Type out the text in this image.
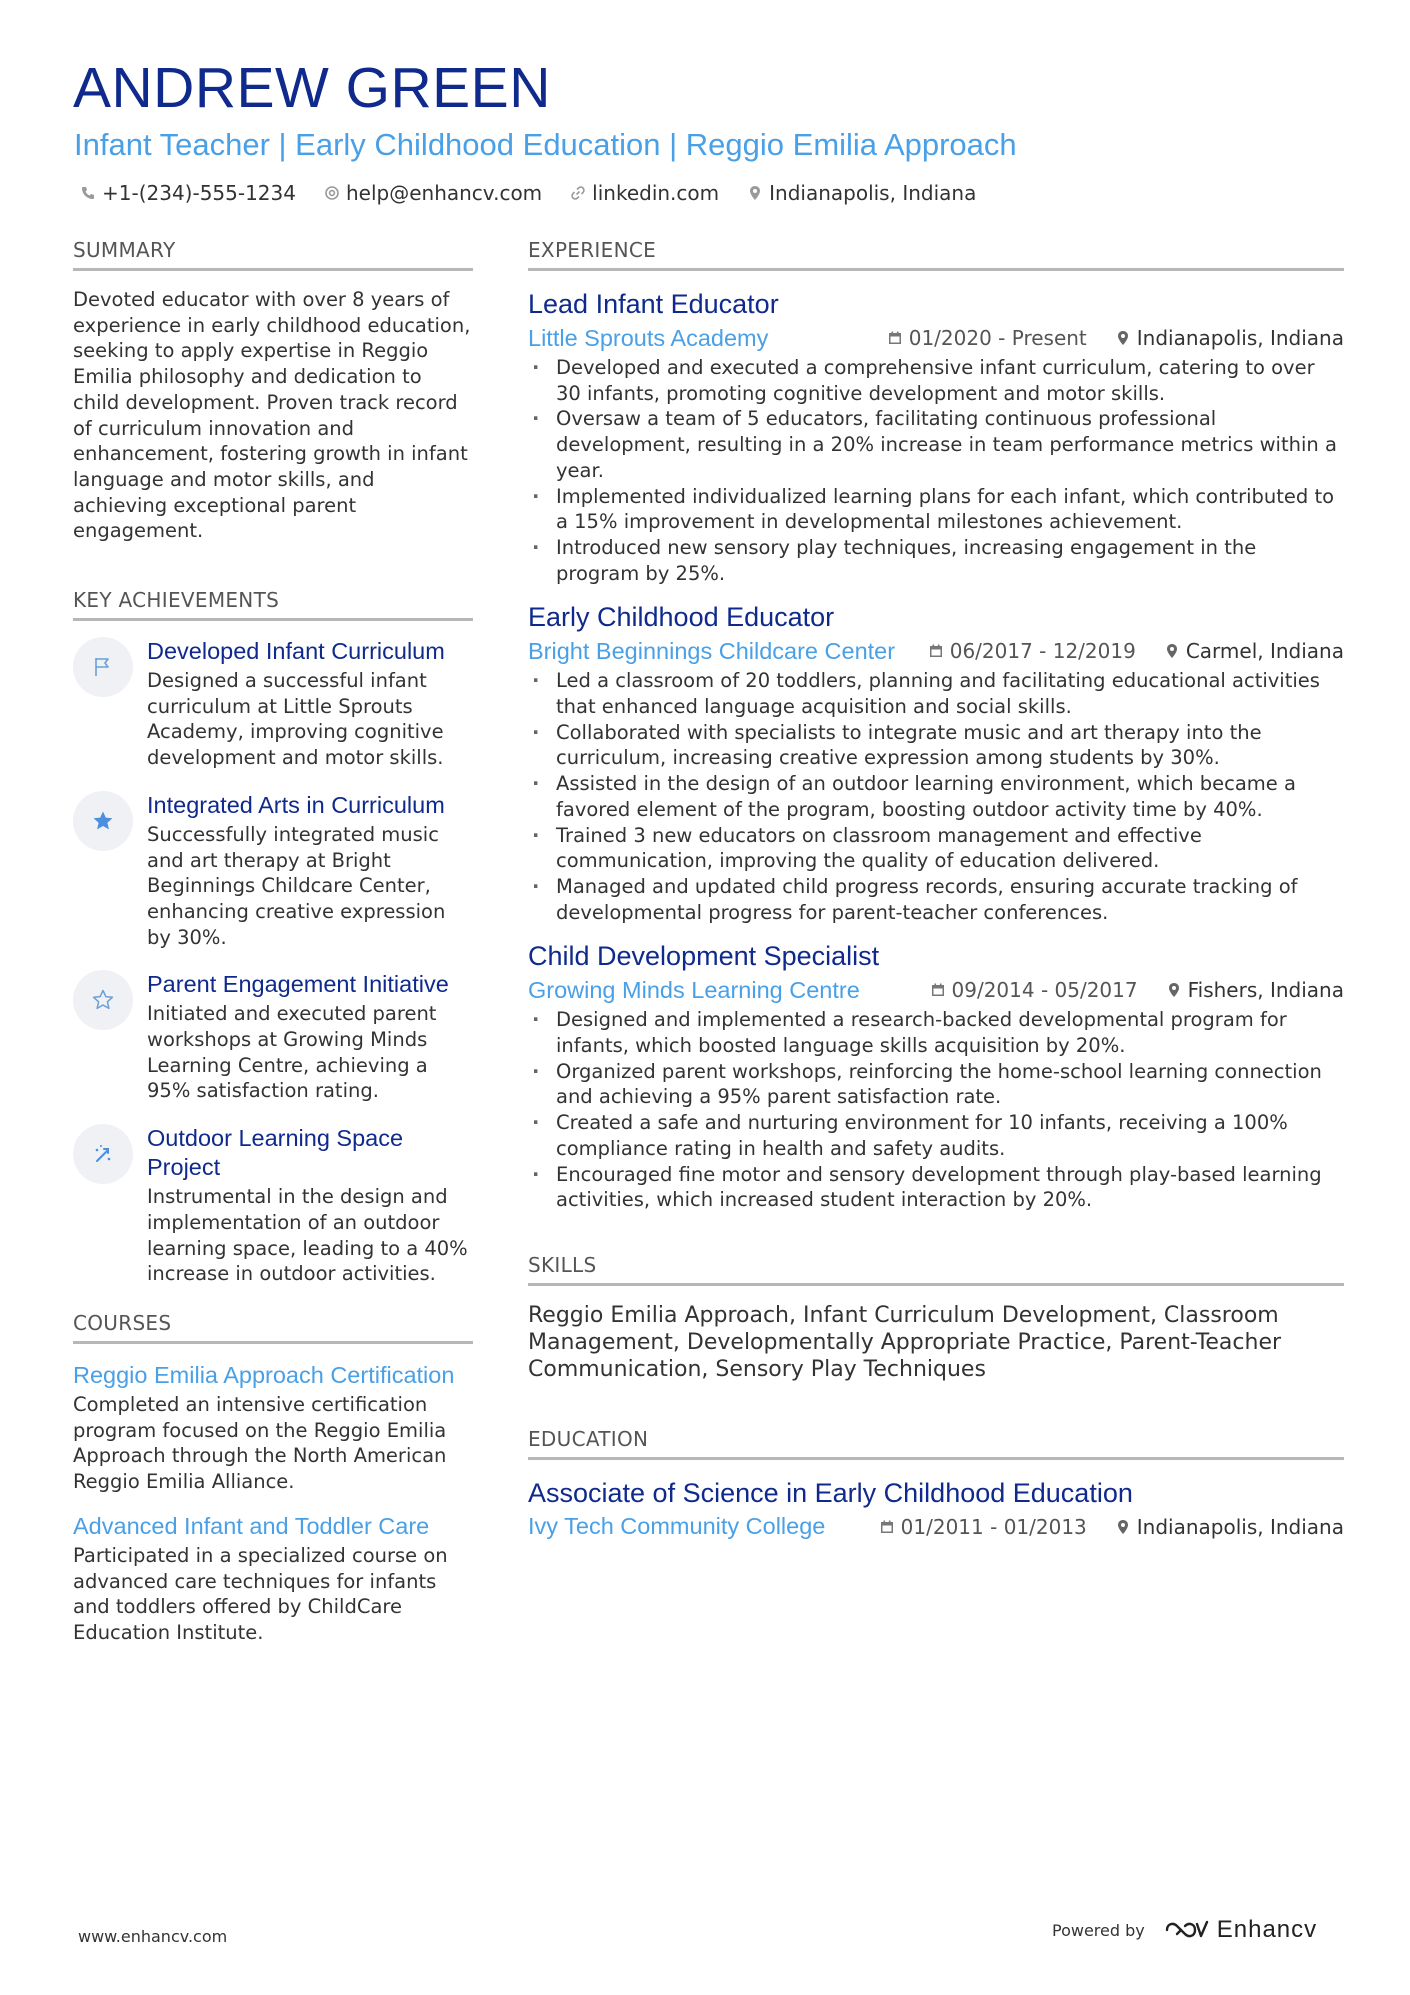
ANDREW GREEN
Infant Teacher | Early Childhood Education | Reggio Emilia Approach
+1-(234)-555-1234	help@enhancv.com	linkedin.com	Indianapolis, Indiana
SUMMARY
Devoted educator with over 8 years of experience in early childhood education, seeking to apply expertise in Reggio Emilia philosophy and dedication to child development. Proven track record of curriculum innovation and enhancement, fostering growth in infant language and motor skills, and achieving exceptional parent engagement.
KEY ACHIEVEMENTS
Developed Infant Curriculum
Designed a successful infant curriculum at Little Sprouts Academy, improving cognitive development and motor skills.
Integrated Arts in Curriculum
Successfully integrated music and art therapy at Bright Beginnings Childcare Center, enhancing creative expression by 30%.
Parent Engagement Initiative
Initiated and executed parent workshops at Growing Minds Learning Centre, achieving a 95% satisfaction rating.
Outdoor Learning Space Project
Instrumental in the design and implementation of an outdoor learning space, leading to a 40% increase in outdoor activities.
COURSES
Reggio Emilia Approach Certification
Completed an intensive certification program focused on the Reggio Emilia Approach through the North American Reggio Emilia Alliance.
Advanced Infant and Toddler Care
Participated in a specialized course on advanced care techniques for infants and toddlers offered by ChildCare Education Institute.
EXPERIENCE
Lead Infant Educator
Little Sprouts Academy	01/2020 - Present	Indianapolis, Indiana
· Developed and executed a comprehensive infant curriculum, catering to over 30 infants, promoting cognitive development and motor skills.
· Oversaw a team of 5 educators, facilitating continuous professional development, resulting in a 20% increase in team performance metrics within a year.
· Implemented individualized learning plans for each infant, which contributed to a 15% improvement in developmental milestones achievement.
· Introduced new sensory play techniques, increasing engagement in the program by 25%.
Early Childhood Educator
Bright Beginnings Childcare Center	06/2017 - 12/2019	Carmel, Indiana
· Led a classroom of 20 toddlers, planning and facilitating educational activities that enhanced language acquisition and social skills.
· Collaborated with specialists to integrate music and art therapy into the curriculum, increasing creative expression among students by 30%.
· Assisted in the design of an outdoor learning environment, which became a favored element of the program, boosting outdoor activity time by 40%.
· Trained 3 new educators on classroom management and effective communication, improving the quality of education delivered.
· Managed and updated child progress records, ensuring accurate tracking of developmental progress for parent-teacher conferences.
Child Development Specialist
Growing Minds Learning Centre	09/2014 - 05/2017	Fishers, Indiana
· Designed and implemented a research-backed developmental program for infants, which boosted language skills acquisition by 20%.
· Organized parent workshops, reinforcing the home-school learning connection and achieving a 95% parent satisfaction rate.
· Created a safe and nurturing environment for 10 infants, receiving a 100% compliance rating in health and safety audits.
· Encouraged fine motor and sensory development through play-based learning activities, which increased student interaction by 20%.
SKILLS
Reggio Emilia Approach, Infant Curriculum Development, Classroom Management, Developmentally Appropriate Practice, Parent-Teacher Communication, Sensory Play Techniques
EDUCATION
Associate of Science in Early Childhood Education
Ivy Tech Community College	01/2011 - 01/2013	Indianapolis, Indiana
www.enhancv.com	Powered by	Enhancv
